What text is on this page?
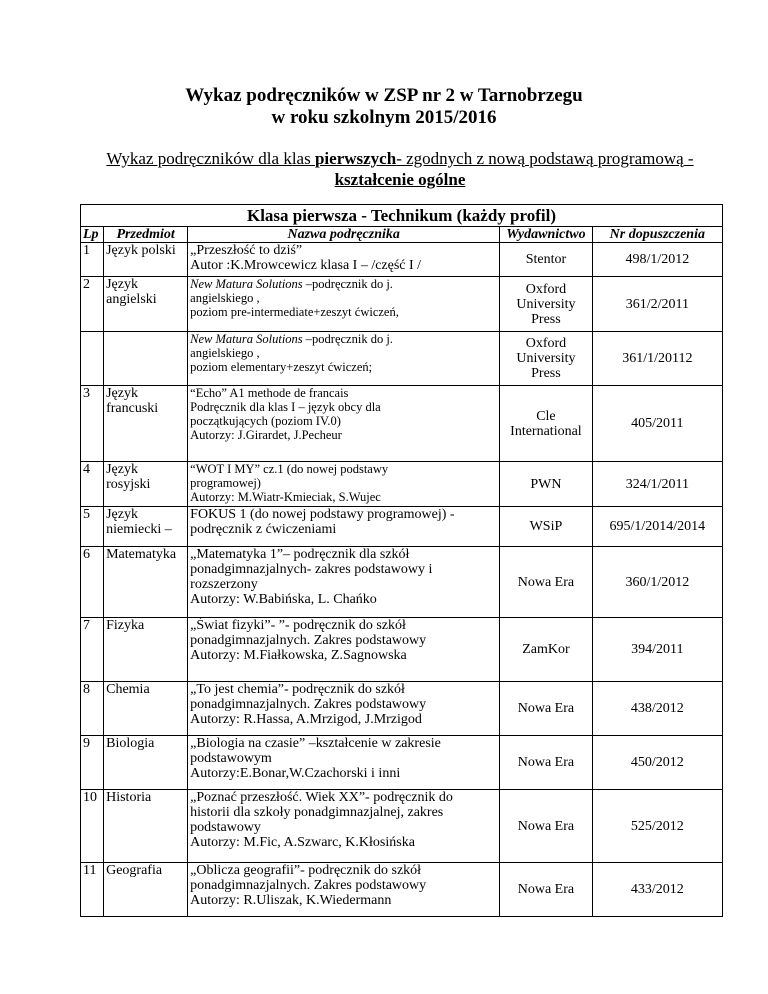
Wykaz podręczników w ZSP nr 2 w Tarnobrzegu
w roku szkolnym 2015/2016
Wykaz podręczników dla klas pierwszych- zgodnych z nową podstawą programową -
kształcenie ogólne
Klasa pierwsza - Technikum (każdy profil)				
Lp	Przedmiot	Nazwa podręcznika	Wydawnictwo	Nr dopuszczenia
1	Język polski	„Przeszłość to dziś”
Autor :K.Mrowcewicz klasa I – /część I /	Stentor	498/1/2012
2	Język
angielski	New Matura Solutions –podręcznik do j.
angielskiego ,
poziom pre-intermediate+zeszyt ćwiczeń,	Oxford
University
Press	361/2/2011

		New Matura Solutions –podręcznik do j.
angielskiego ,
poziom elementary+zeszyt ćwiczeń;	Oxford
University
Press	361/1/20112
3	Język
francuski	“Echo” A1 methode de francais
Podręcznik dla klas I – język obcy dla
początkujących (poziom IV.0)
Autorzy: J.Girardet, J.Pecheur	Cle
International	405/2011
4	Język
rosyjski	“WOT I MY” cz.1 (do nowej podstawy
programowej)
Autorzy: M.Wiatr-Kmieciak, S.Wujec	PWN	324/1/2011
5	Język
niemiecki –	FOKUS 1 (do nowej podstawy programowej) -
podręcznik z ćwiczeniami	WSiP	695/1/2014/2014
6	Matematyka	„Matematyka 1”– podręcznik dla szkół
ponadgimnazjalnych- zakres podstawowy i
rozszerzony
Autorzy: W.Babińska, L. Chańko	Nowa Era	360/1/2012
7	Fizyka	„Świat fizyki”- ”- podręcznik do szkół
ponadgimnazjalnych. Zakres podstawowy
Autorzy: M.Fiałkowska, Z.Sagnowska	ZamKor	394/2011
8	Chemia	„To jest chemia”- podręcznik do szkół
ponadgimnazjalnych. Zakres podstawowy
Autorzy: R.Hassa, A.Mrzigod, J.Mrzigod	Nowa Era	438/2012
9	Biologia	„Biologia na czasie” –kształcenie w zakresie
podstawowym
Autorzy:E.Bonar,W.Czachorski i inni	Nowa Era	450/2012
10	Historia	„Poznać przeszłość. Wiek XX”- podręcznik do
historii dla szkoły ponadgimnazjalnej, zakres
podstawowy
Autorzy: M.Fic, A.Szwarc, K.Kłosińska	Nowa Era	525/2012
11	Geografia	„Oblicza geografii”- podręcznik do szkół
ponadgimnazjalnych. Zakres podstawowy
Autorzy: R.Uliszak, K.Wiedermann	Nowa Era	433/2012
